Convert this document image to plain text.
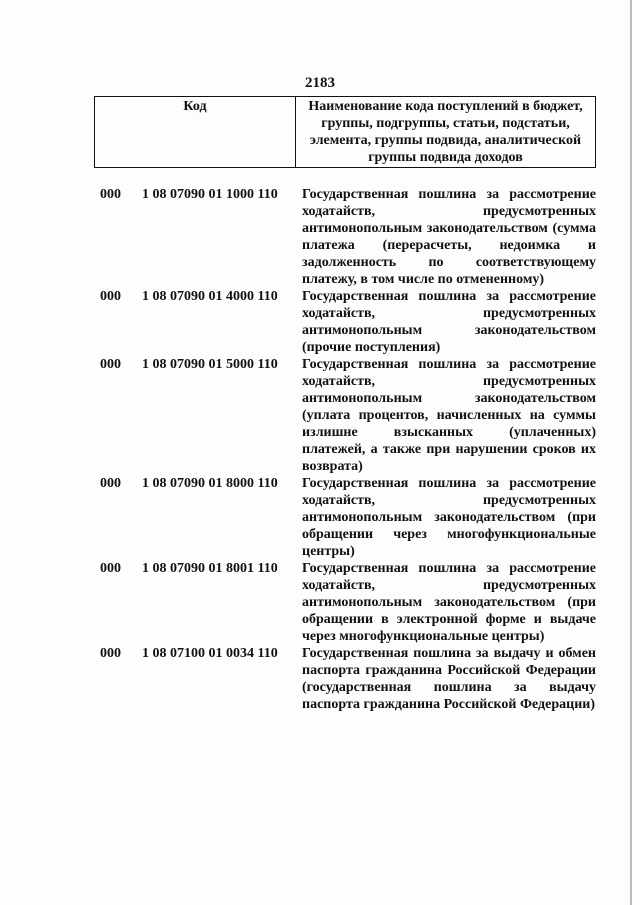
2183
Код	Наименование кода поступлений в бюджет, группы, подгруппы, статьи, подстатьи, элемента, группы подвида, аналитической группы подвида доходов
000	1 08 07090 01 1000 110	Государственная пошлина за рассмотрение ходатайств, предусмотренных антимонопольным законодательством (сумма платежа (перерасчеты, недоимка и задолженность по соответствующему платежу, в том числе по отмененному)
000	1 08 07090 01 4000 110	Государственная пошлина за рассмотрение ходатайств, предусмотренных антимонопольным законодательством (прочие поступления)
000	1 08 07090 01 5000 110	Государственная пошлина за рассмотрение ходатайств, предусмотренных антимонопольным законодательством (уплата процентов, начисленных на суммы излишне взысканных (уплаченных) платежей, а также при нарушении сроков их возврата)
000	1 08 07090 01 8000 110	Государственная пошлина за рассмотрение ходатайств, предусмотренных антимонопольным законодательством (при обращении через многофункциональные центры)
000	1 08 07090 01 8001 110	Государственная пошлина за рассмотрение ходатайств, предусмотренных антимонопольным законодательством (при обращении в электронной форме и выдаче через многофункциональные центры)
000	1 08 07100 01 0034 110	Государственная пошлина за выдачу и обмен паспорта гражданина Российской Федерации (государственная пошлина за выдачу паспорта гражданина Российской Федерации)
